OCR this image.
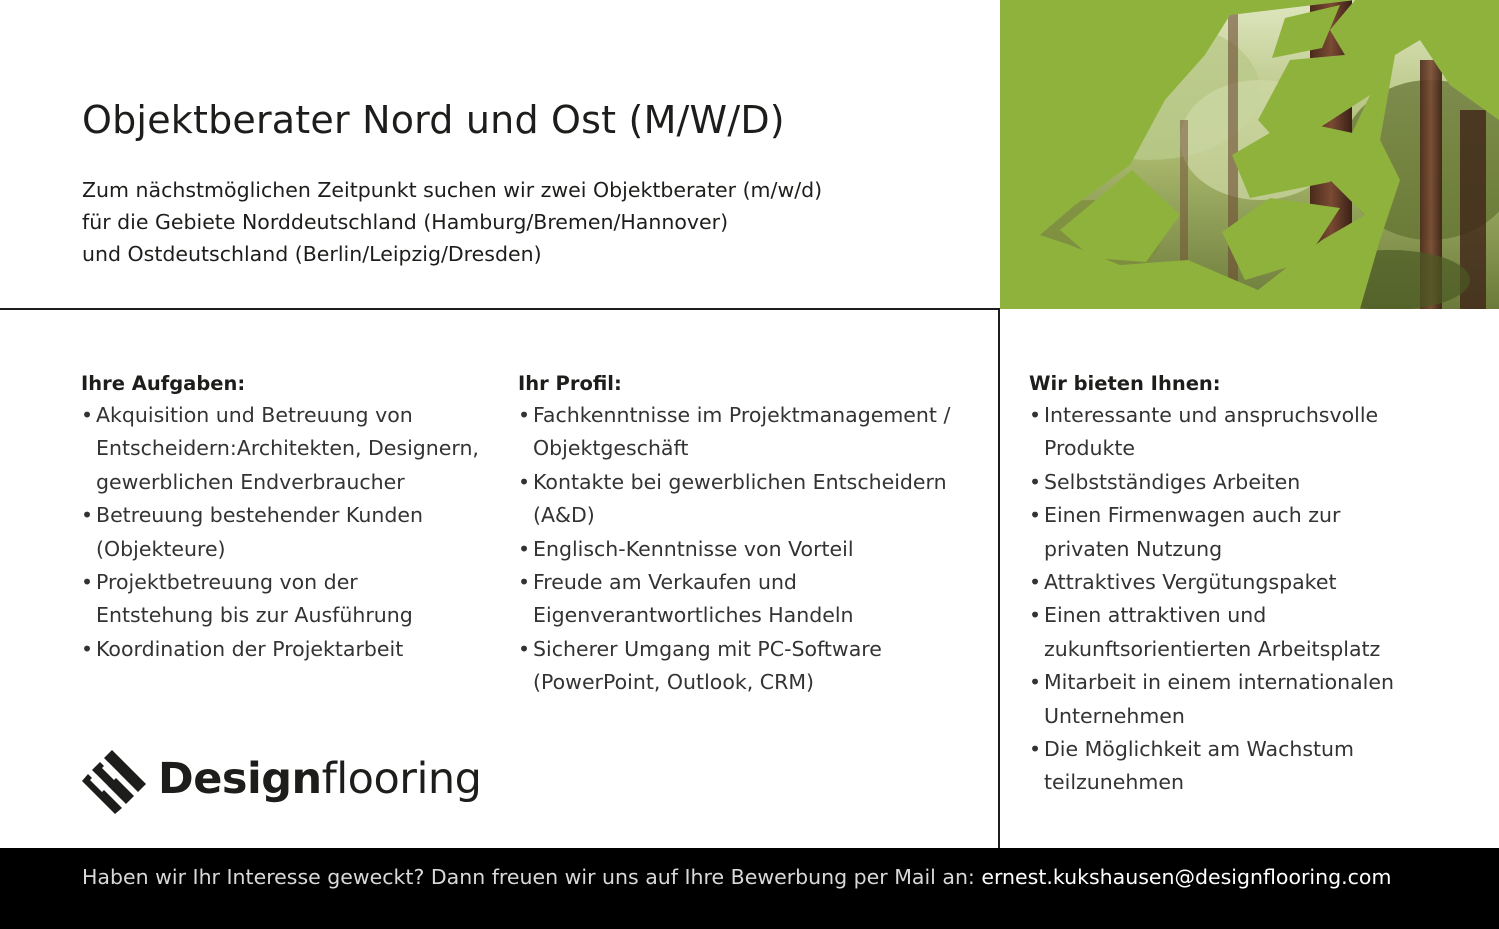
Objektberater Nord und Ost (M/W/D)
Zum nächstmöglichen Zeitpunkt suchen wir zwei Objektberater (m/w/d)
für die Gebiete Norddeutschland (Hamburg/Bremen/Hannover)
und Ostdeutschland (Berlin/Leipzig/Dresden)
Ihre Aufgaben:
• Akquisition und Betreuung von
Entscheidern:Architekten, Designern,
gewerblichen Endverbraucher
• Betreuung bestehender Kunden
(Objekteure)
• Projektbetreuung von der
Entstehung bis zur Ausführung
• Koordination der Projektarbeit
Ihr Profil:
• Fachkenntnisse im Projektmanagement /
Objektgeschäft
• Kontakte bei gewerblichen Entscheidern
(A&D)
• Englisch-Kenntnisse von Vorteil
• Freude am Verkaufen und
Eigenverantwortliches Handeln
• Sicherer Umgang mit PC-Software
(PowerPoint, Outlook, CRM)
Wir bieten Ihnen:
• Interessante und anspruchsvolle
Produkte
• Selbstständiges Arbeiten
• Einen Firmenwagen auch zur
privaten Nutzung
• Attraktives Vergütungspaket
• Einen attraktiven und
zukunftsorientierten Arbeitsplatz
• Mitarbeit in einem internationalen
Unternehmen
• Die Möglichkeit am Wachstum
teilzunehmen
Designflooring
Haben wir Ihr Interesse geweckt? Dann freuen wir uns auf Ihre Bewerbung per Mail an: ernest.kukshausen@designflooring.com
